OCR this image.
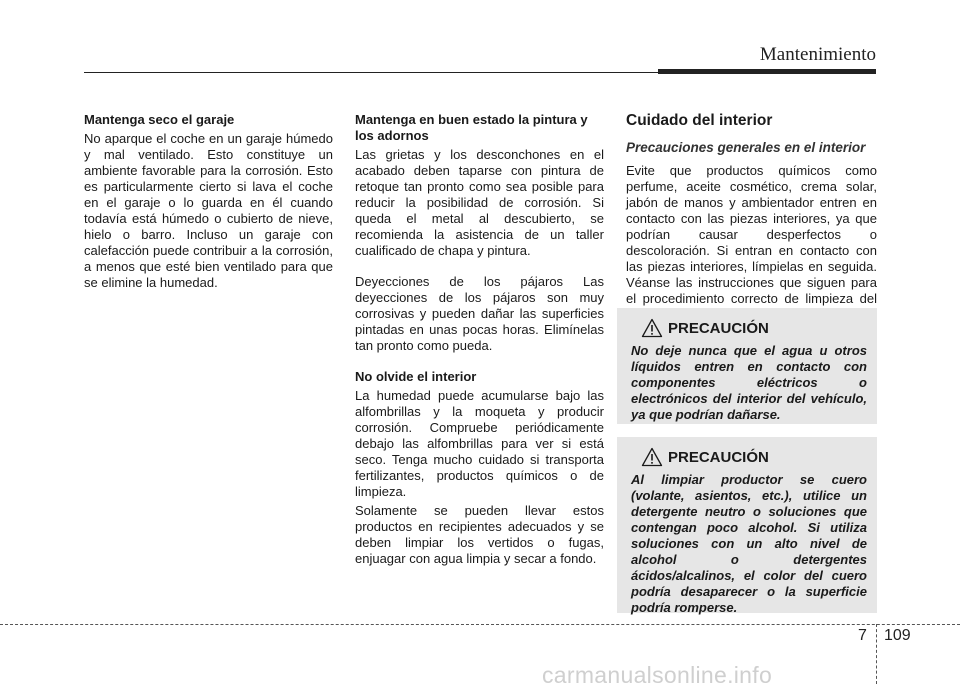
Mantenimiento
Mantenga seco el garaje

No aparque el coche en un garaje húmedo y mal ventilado. Esto constituye un ambiente favorable para la corrosión. Esto es particularmente cierto si lava el coche en el garaje o lo guarda en él cuando todavía está húmedo o cubierto de nieve, hielo o barro. Incluso un garaje con calefacción puede contribuir a la corrosión, a menos que esté bien ventilado para que se elimine la humedad.

Mantenga en buen estado la pintura y los adornos

Las grietas y los desconchones en el acabado deben taparse con pintura de retoque tan pronto como sea posible para reducir la posibilidad de corrosión. Si queda el metal al descubierto, se recomienda la asistencia de un taller cualificado de chapa y pintura.

Deyecciones de los pájaros Las deyecciones de los pájaros son muy corrosivas y pueden dañar las superficies pintadas en unas pocas horas. Elimínelas tan pronto como pueda.

No olvide el interior

La humedad puede acumularse bajo las alfombrillas y la moqueta y producir corrosión. Compruebe periódicamente debajo las alfombrillas para ver si está seco. Tenga mucho cuidado si transporta fertilizantes, productos químicos o de limpieza.

Solamente se pueden llevar estos productos en recipientes adecuados y se deben limpiar los vertidos o fugas, enjuagar con agua limpia y secar a fondo.

Cuidado del interior
Precauciones generales en el interior

Evite que productos químicos como perfume, aceite cosmético, crema solar, jabón de manos y ambientador entren en contacto con las piezas interiores, ya que podrían causar desperfectos o descoloración. Si entran en contacto con las piezas interiores, límpielas en seguida. Véanse las instrucciones que siguen para el procedimiento correcto de limpieza del

PRECAUCIÓN

No deje nunca que el agua u otros líquidos entren en contacto con componentes eléctricos o electrónicos del interior del vehículo, ya que podrían dañarse.

PRECAUCIÓN

Al limpiar productor se cuero (volante, asientos, etc.), utilice un detergente neutro o soluciones que contengan poco alcohol. Si utiliza soluciones con un alto nivel de alcohol o detergentes ácidos/alcalinos, el color del cuero podría desaparecer o la superficie podría romperse.

7 109
carmanualsonline.info
